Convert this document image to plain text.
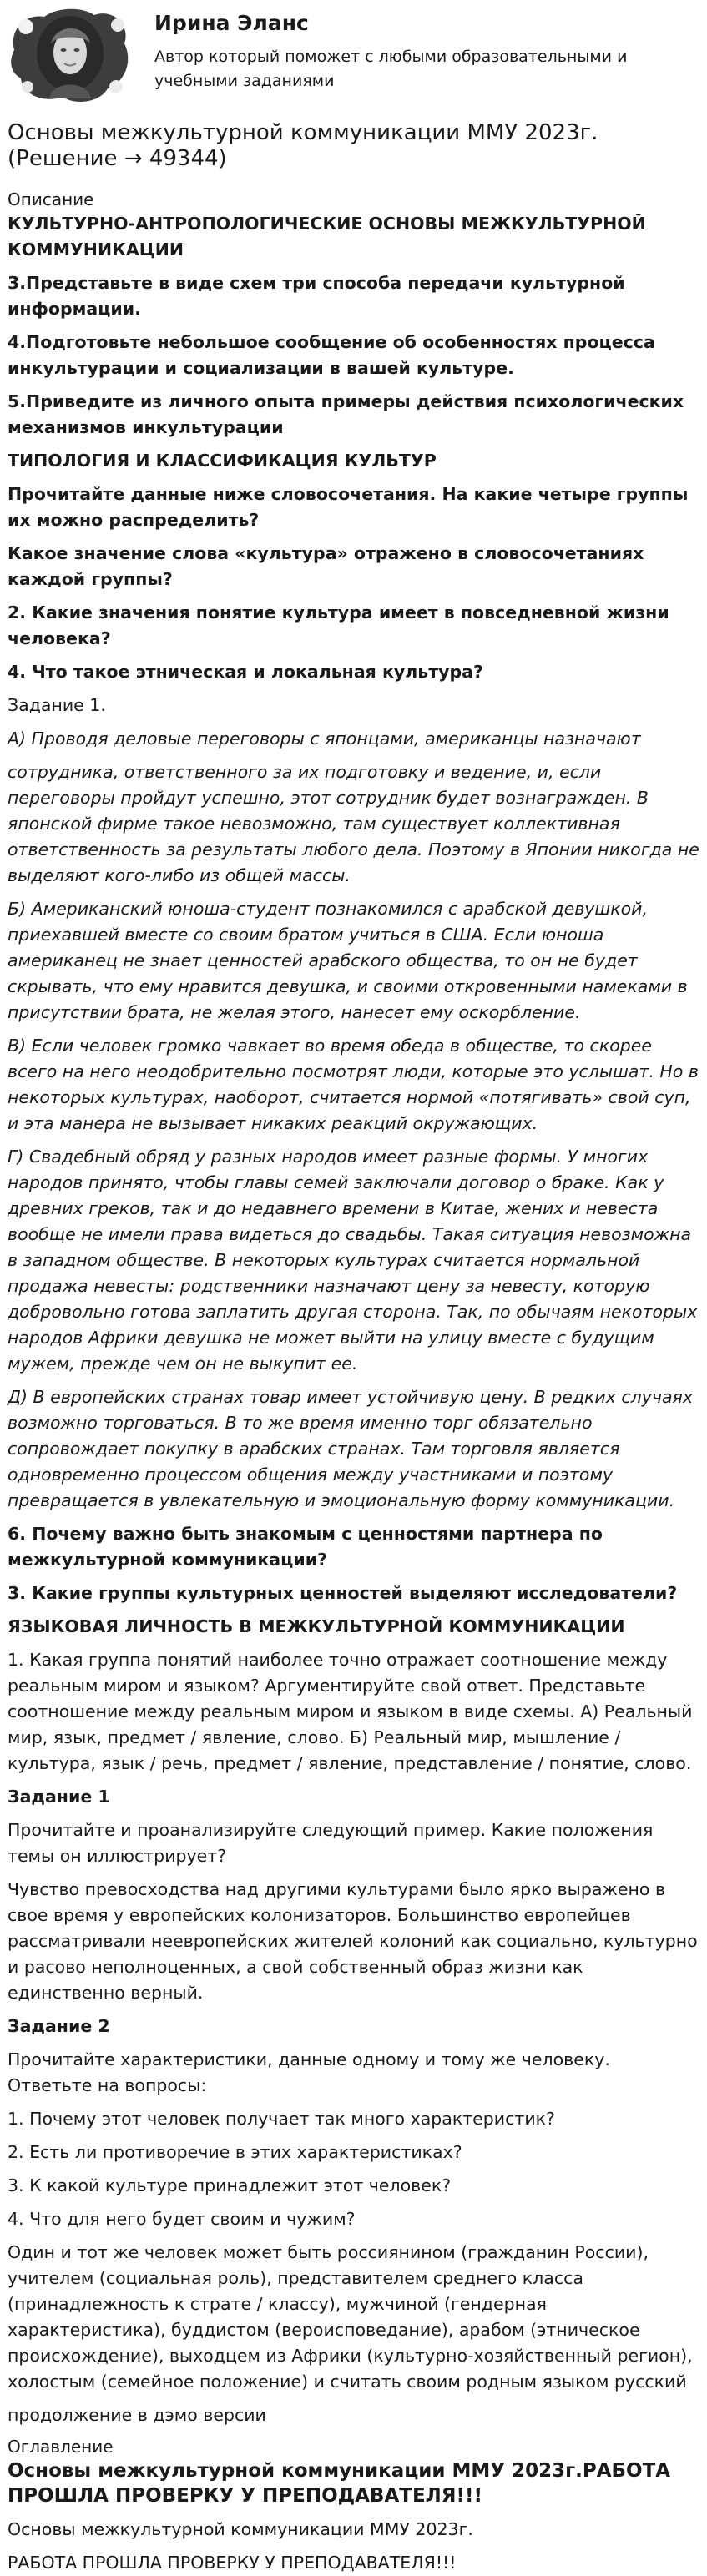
Ирина Эланс

Автор который поможет с любыми образовательными и учебными заданиями
Основы межкультурной коммуникации ММУ 2023г. (Решение → 49344)
Описание
КУЛЬТУРНО-АНТРОПОЛОГИЧЕСКИЕ ОСНОВЫ МЕЖКУЛЬТУРНОЙ КОММУНИКАЦИИ
3.Представьте в виде схем три способа передачи культурной информации.
4.Подготовьте небольшое сообщение об особенностях процесса инкультурации и социализации в вашей культуре.
5.Приведите из личного опыта примеры действия психологических механизмов инкультурации
ТИПОЛОГИЯ И КЛАССИФИКАЦИЯ КУЛЬТУР
Прочитайте данные ниже словосочетания. На какие четыре группы их можно распределить?
Какое значение слова «культура» отражено в словосочетаниях каждой группы?
2. Какие значения понятие культура имеет в повседневной жизни человека?
4. Что такое этническая и локальная культура?
Задание 1.
А) Проводя деловые переговоры с японцами, американцы назначают
сотрудника, ответственного за их подготовку и ведение, и, если переговоры пройдут успешно, этот сотрудник будет вознагражден. В японской фирме такое невозможно, там существует коллективная ответственность за результаты любого дела. Поэтому в Японии никогда не выделяют кого-либо из общей массы.
Б) Американский юноша-студент познакомился с арабской девушкой, приехавшей вместе со своим братом учиться в США. Если юноша американец не знает ценностей арабского общества, то он не будет скрывать, что ему нравится девушка, и своими откровенными намеками в присутствии брата, не желая этого, нанесет ему оскорбление.
В) Если человек громко чавкает во время обеда в обществе, то скорее всего на него неодобрительно посмотрят люди, которые это услышат. Но в некоторых культурах, наоборот, считается нормой «потягивать» свой суп, и эта манера не вызывает никаких реакций окружающих.
Г) Свадебный обряд у разных народов имеет разные формы. У многих народов принято, чтобы главы семей заключали договор о браке. Как у древних греков, так и до недавнего времени в Китае, жених и невеста вообще не имели права видеться до свадьбы. Такая ситуация невозможна в западном обществе. В некоторых культурах считается нормальной продажа невесты: родственники назначают цену за невесту, которую добровольно готова заплатить другая сторона. Так, по обычаям некоторых народов Африки девушка не может выйти на улицу вместе с будущим мужем, прежде чем он не выкупит ее.
Д) В европейских странах товар имеет устойчивую цену. В редких случаях возможно торговаться. В то же время именно торг обязательно сопровождает покупку в арабских странах. Там торговля является одновременно процессом общения между участниками и поэтому превращается в увлекательную и эмоциональную форму коммуникации.
6. Почему важно быть знакомым с ценностями партнера по межкультурной коммуникации?
3. Какие группы культурных ценностей выделяют исследователи?
ЯЗЫКОВАЯ ЛИЧНОСТЬ В МЕЖКУЛЬТУРНОЙ КОММУНИКАЦИИ
1. Какая группа понятий наиболее точно отражает соотношение между реальным миром и языком? Аргументируйте свой ответ. Представьте соотношение между реальным миром и языком в виде схемы. А) Реальный мир, язык, предмет / явление, слово. Б) Реальный мир, мышление / культура, язык / речь, предмет / явление, представление / понятие, слово.
Задание 1
Прочитайте и проанализируйте следующий пример. Какие положения темы он иллюстрирует?
Чувство превосходства над другими культурами было ярко выражено в свое время у европейских колонизаторов. Большинство европейцев рассматривали неевропейских жителей колоний как социально, культурно и расово неполноценных, а свой собственный образ жизни как единственно верный.
Задание 2
Прочитайте характеристики, данные одному и тому же человеку. Ответьте на вопросы:
1. Почему этот человек получает так много характеристик?
2. Есть ли противоречие в этих характеристиках?
3. К какой культуре принадлежит этот человек?
4. Что для него будет своим и чужим?
Один и тот же человек может быть россиянином (гражданин России), учителем (социальная роль), представителем среднего класса (принадлежность к страте / классу), мужчиной (гендерная характеристика), буддистом (вероисповедание), арабом (этническое происхождение), выходцем из Африки (культурно-хозяйственный регион), холостым (семейное положение) и считать своим родным языком русский
продолжение в дэмо версии
Оглавление
Основы межкультурной коммуникации ММУ 2023г.РАБОТА ПРОШЛА ПРОВЕРКУ У ПРЕПОДАВАТЕЛЯ!!!
Основы межкультурной коммуникации ММУ 2023г.
РАБОТА ПРОШЛА ПРОВЕРКУ У ПРЕПОДАВАТЕЛЯ!!!
